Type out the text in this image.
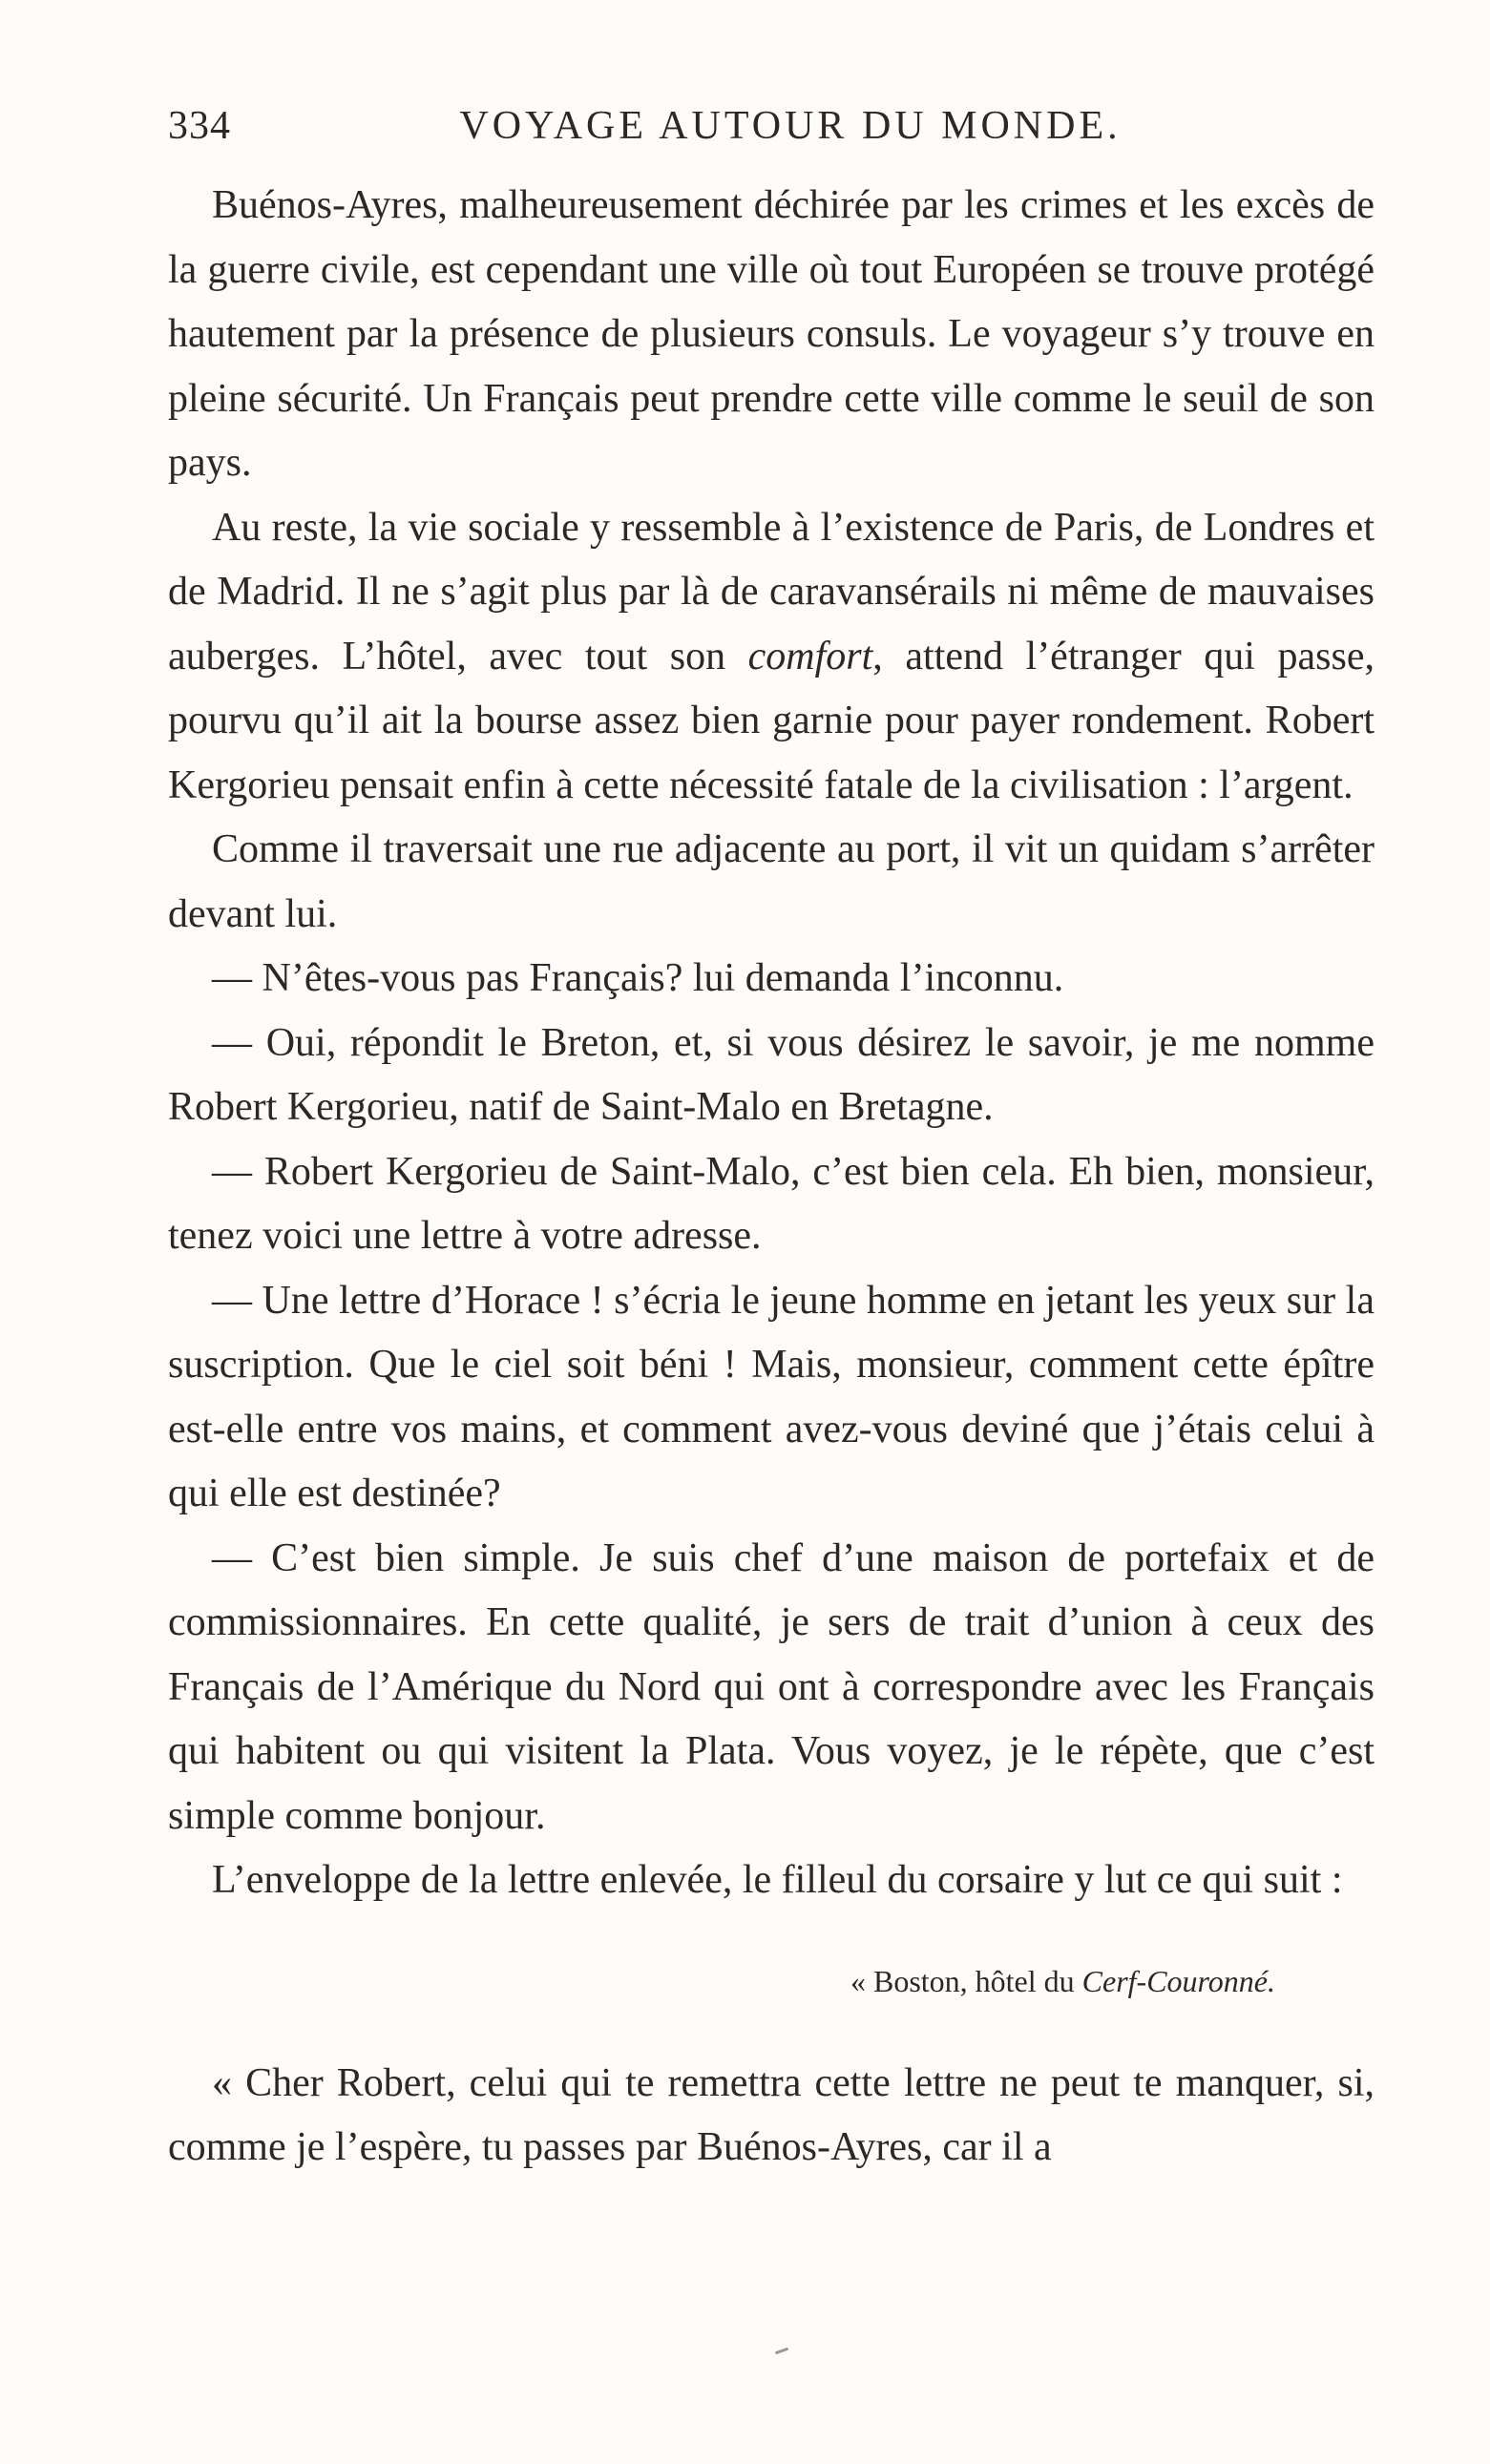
334	VOYAGE AUTOUR DU MONDE.

Buénos-Ayres, malheureusement déchirée par les crimes et les excès de la guerre civile, est cependant une ville où tout Européen se trouve protégé hautement par la présence de plusieurs consuls. Le voyageur s’y trouve en pleine sécurité. Un Français peut prendre cette ville comme le seuil de son pays.

Au reste, la vie sociale y ressemble à l’existence de Paris, de Londres et de Madrid. Il ne s’agit plus par là de caravansérails ni même de mauvaises auberges. L’hôtel, avec tout son comfort, attend l’étranger qui passe, pourvu qu’il ait la bourse assez bien garnie pour payer rondement. Robert Kergorieu pensait enfin à cette nécessité fatale de la civilisation : l’argent.

Comme il traversait une rue adjacente au port, il vit un quidam s’arrêter devant lui.

— N’êtes-vous pas Français? lui demanda l’inconnu.

— Oui, répondit le Breton, et, si vous désirez le savoir, je me nomme Robert Kergorieu, natif de Saint-Malo en Bretagne.

— Robert Kergorieu de Saint-Malo, c’est bien cela. Eh bien, monsieur, tenez voici une lettre à votre adresse.

— Une lettre d’Horace ! s’écria le jeune homme en jetant les yeux sur la suscription. Que le ciel soit béni ! Mais, monsieur, comment cette épître est-elle entre vos mains, et comment avez-vous deviné que j’étais celui à qui elle est destinée?

— C’est bien simple. Je suis chef d’une maison de portefaix et de commissionnaires. En cette qualité, je sers de trait d’union à ceux des Français de l’Amérique du Nord qui ont à correspondre avec les Français qui habitent ou qui visitent la Plata. Vous voyez, je le répète, que c’est simple comme bonjour.

L’enveloppe de la lettre enlevée, le filleul du corsaire y lut ce qui suit :

« Boston, hôtel du Cerf-Couronné.

« Cher Robert, celui qui te remettra cette lettre ne peut te manquer, si, comme je l’espère, tu passes par Buénos-Ayres, car il a
